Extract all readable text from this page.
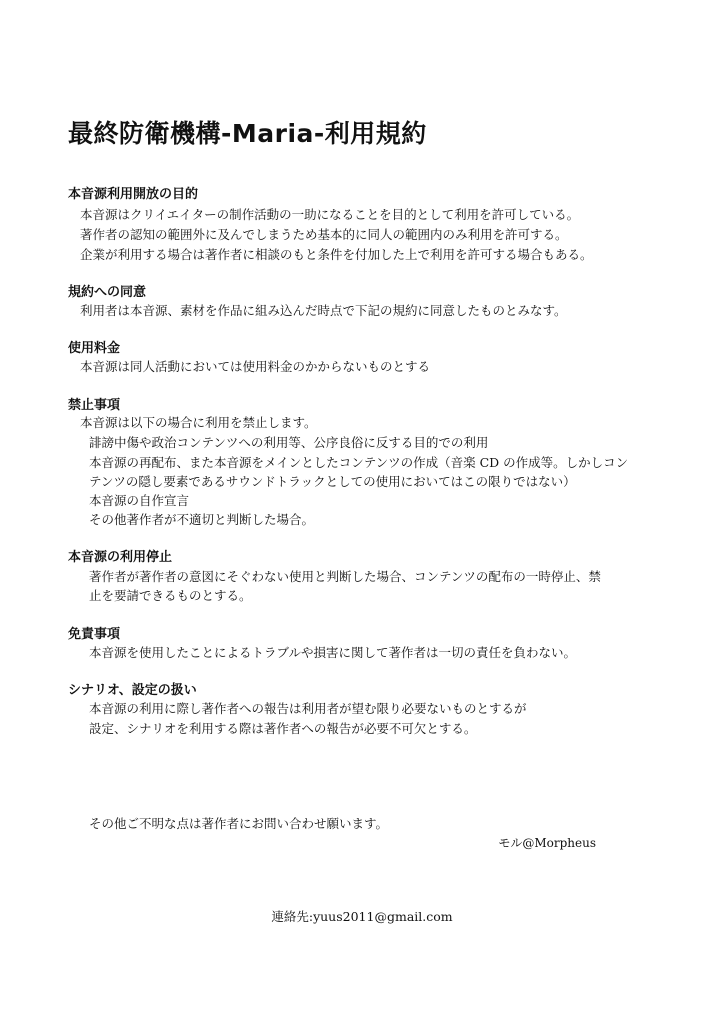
最終防衛機構-Maria-利用規約
本音源利用開放の目的
本音源はクリイエイターの制作活動の一助になることを目的として利用を許可している。
著作者の認知の範囲外に及んでしまうため基本的に同人の範囲内のみ利用を許可する。
企業が利用する場合は著作者に相談のもと条件を付加した上で利用を許可する場合もある。
規約への同意
利用者は本音源、素材を作品に組み込んだ時点で下記の規約に同意したものとみなす。
使用料金
本音源は同人活動においては使用料金のかからないものとする
禁止事項
本音源は以下の場合に利用を禁止します。
誹謗中傷や政治コンテンツへの利用等、公序良俗に反する目的での利用
本音源の再配布、また本音源をメインとしたコンテンツの作成（音楽 CD の作成等。しかしコン
テンツの隠し要素であるサウンドトラックとしての使用においてはこの限りではない）
本音源の自作宣言
その他著作者が不適切と判断した場合。
本音源の利用停止
著作者が著作者の意図にそぐわない使用と判断した場合、コンテンツの配布の一時停止、禁
止を要請できるものとする。
免責事項
本音源を使用したことによるトラブルや損害に関して著作者は一切の責任を負わない。
シナリオ、設定の扱い
本音源の利用に際し著作者への報告は利用者が望む限り必要ないものとするが
設定、シナリオを利用する際は著作者への報告が必要不可欠とする。
その他ご不明な点は著作者にお問い合わせ願います。
モル@Morpheus
連絡先:yuus2011@gmail.com
